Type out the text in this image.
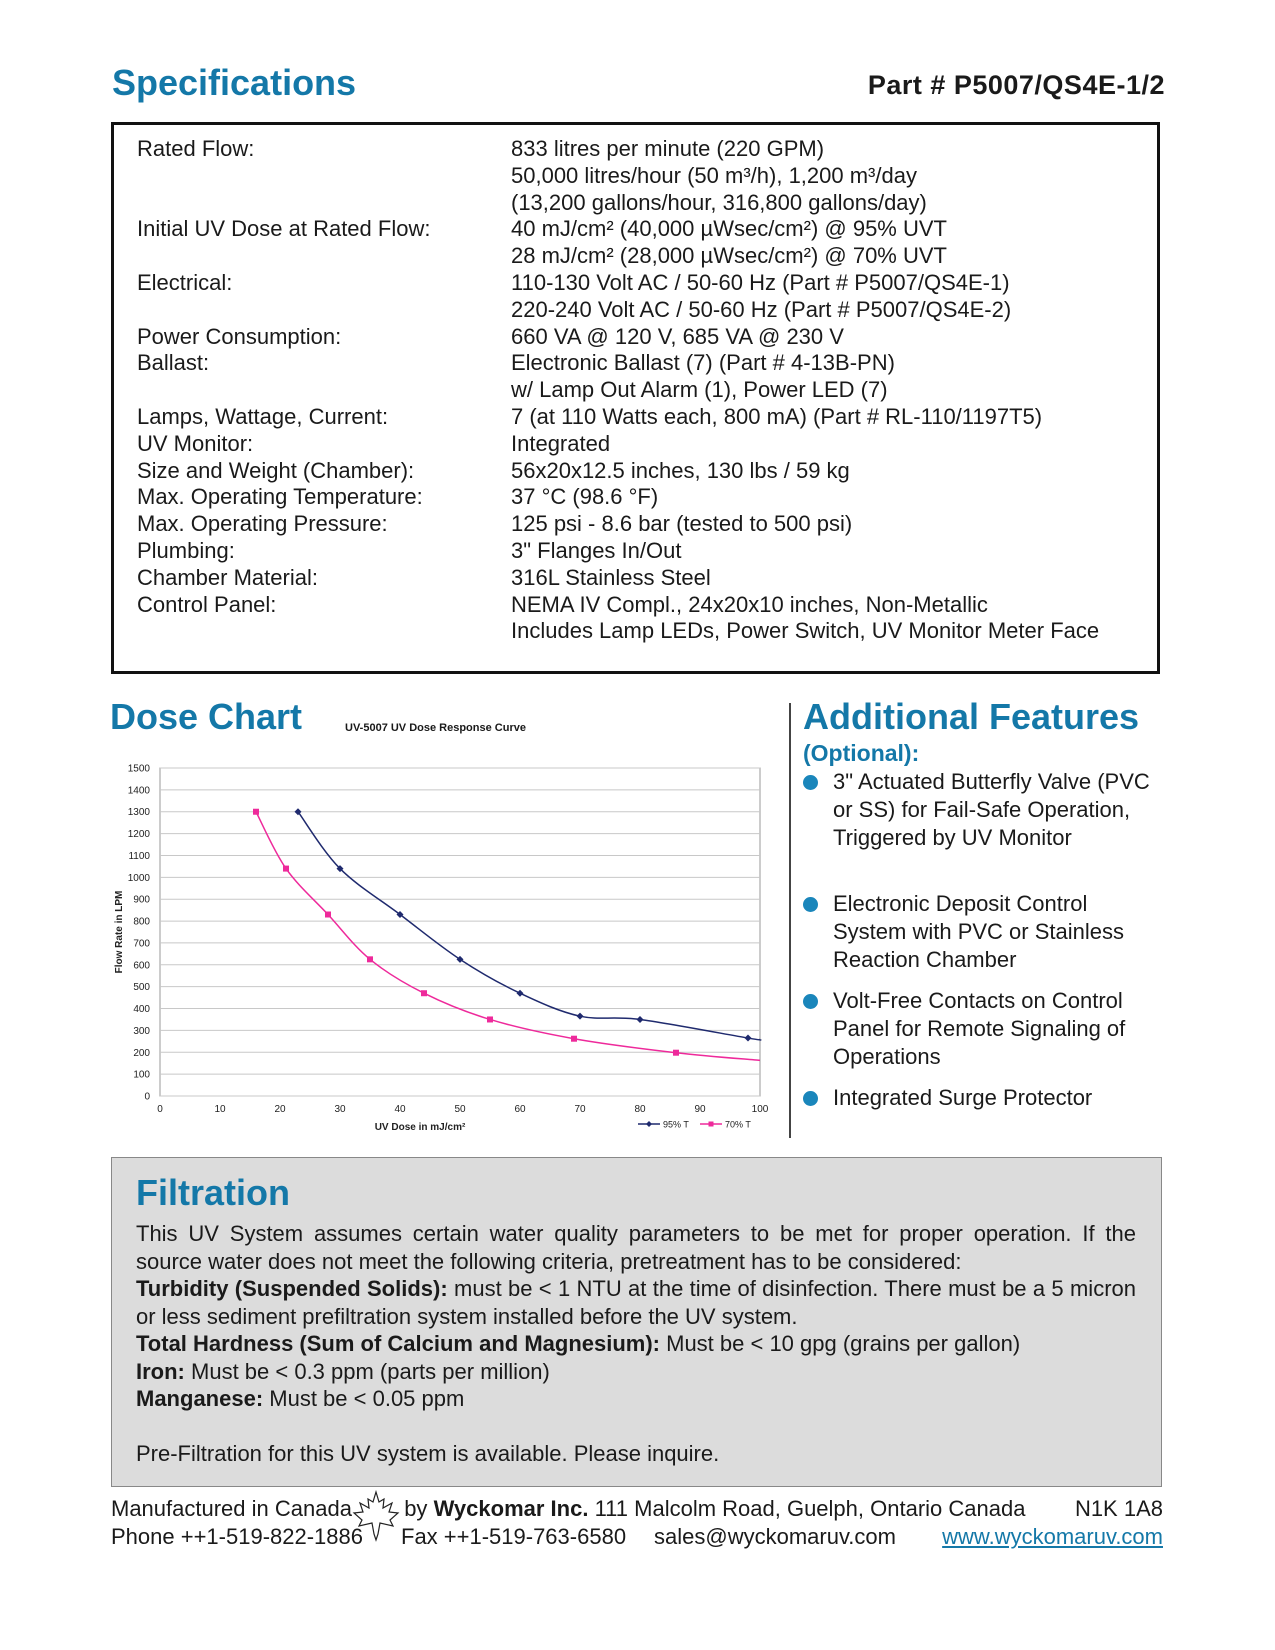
Specifications	Part # P5007/QS4E-1/2
Rated Flow:	833 litres per minute (220 GPM)
50,000 litres/hour (50 m³/h), 1,200 m³/day
(13,200 gallons/hour, 316,800 gallons/day)
Initial UV Dose at Rated Flow:	40 mJ/cm² (40,000 µWsec/cm²) @ 95% UVT
28 mJ/cm² (28,000 µWsec/cm²) @ 70% UVT
Electrical:	110-130 Volt AC / 50-60 Hz (Part # P5007/QS4E-1)
220-240 Volt AC / 50-60 Hz (Part # P5007/QS4E-2)
Power Consumption:	660 VA @ 120 V, 685 VA @ 230 V
Ballast:	Electronic Ballast (7) (Part # 4-13B-PN)
w/ Lamp Out Alarm (1), Power LED (7)
Lamps, Wattage, Current:	7 (at 110 Watts each, 800 mA) (Part # RL-110/1197T5)
UV Monitor:	Integrated
Size and Weight (Chamber):	56x20x12.5 inches, 130 lbs / 59 kg
Max. Operating Temperature:	37 °C (98.6 °F)
Max. Operating Pressure:	125 psi - 8.6 bar (tested to 500 psi)
Plumbing:	3" Flanges In/Out
Chamber Material:	316L Stainless Steel
Control Panel:	NEMA IV Compl., 24x20x10 inches, Non-Metallic
Includes Lamp LEDs, Power Switch, UV Monitor Meter Face
Dose Chart	UV-5007 UV Dose Response Curve
0
100
200
300
400
500
600
700
800
900
1000
1100
1200
1300
1400
1500
0	10	20	30	40	50	60	70	80	90	100
UV Dose in mJ/cm²
Flow Rate in LPM
95% T	70% T
Additional Features
(Optional):
3" Actuated Butterfly Valve (PVC or SS) for Fail-Safe Operation, Triggered by UV Monitor
Electronic Deposit Control System with PVC or Stainless Reaction Chamber
Volt-Free Contacts on Control Panel for Remote Signaling of Operations
Integrated Surge Protector
Filtration

This UV System assumes certain water quality parameters to be met for proper operation. If the source water does not meet the following criteria, pretreatment has to be considered:

Turbidity (Suspended Solids): must be < 1 NTU at the time of disinfection. There must be a 5 micron or less sediment prefiltration system installed before the UV system.

Total Hardness (Sum of Calcium and Magnesium): Must be < 10 gpg (grains per gallon)

Iron: Must be < 0.3 ppm (parts per million)

Manganese: Must be < 0.05 ppm

Pre-Filtration for this UV system is available. Please inquire.

Manufactured in Canada by Wyckomar Inc. 111 Malcolm Road, Guelph, Ontario Canada N1K 1A8
Phone ++1-519-822-1886 Fax ++1-519-763-6580 sales@wyckomaruv.com www.wyckomaruv.com
